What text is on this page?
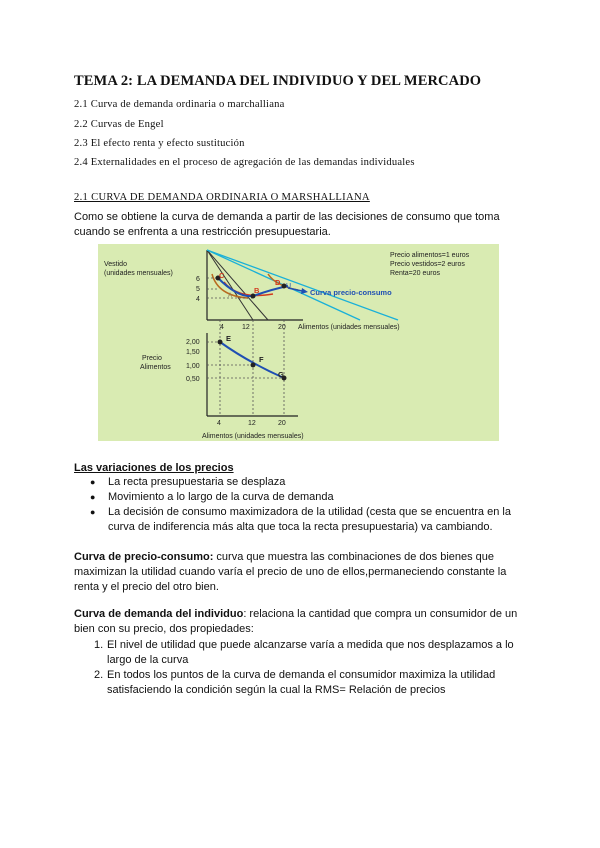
TEMA 2: LA DEMANDA DEL INDIVIDUO Y DEL MERCADO

2.1 Curva de demanda ordinaria o marchalliana

2.2 Curvas de Engel

2.3 El efecto renta y efecto sustitución

2.4 Externalidades en el proceso de agregación de las demandas individuales

2.1 CURVA DE DEMANDA ORDINARIA O MARSHALLIANA

Como se obtiene la curva de demanda a partir de las decisiones de consumo que toma

cuando se enfrenta a una restricción presupuestaria.

C
B
D U
A
Vestido
(unidades mensuales)
Precio alimentos=1 euros
Precio vestidos=2 euros
Renta=20 euros
6
5
4
4	12	20 Alimentos (unidades mensuales)
Curva precio-consumo
E
F
G
Precio
Alimentos
2,00
1,50
1,00
0,50
4	12	20
Alimentos (unidades mensuales)

Las variaciones de los precios

● La recta presupuestaria se desplaza
● Movimiento a lo largo de la curva de demanda
● La decisión de consumo maximizadora de la utilidad (cesta que se encuentra en la
curva de indiferencia más alta que toca la recta presupuestaria) va cambiando.

Curva de precio-consumo: curva que muestra las combinaciones de dos bienes que

maximizan la utilidad cuando varía el precio de uno de ellos,permaneciendo constante la

renta y el precio del otro bien.

Curva de demanda del individuo: relaciona la cantidad que compra un consumidor de un

bien con su precio, dos propiedades:

1. El nivel de utilidad que puede alcanzarse varía a medida que nos desplazamos a lo
largo de la curva
2. En todos los puntos de la curva de demanda el consumidor maximiza la utilidad
satisfaciendo la condición según la cual la RMS= Relación de precios
